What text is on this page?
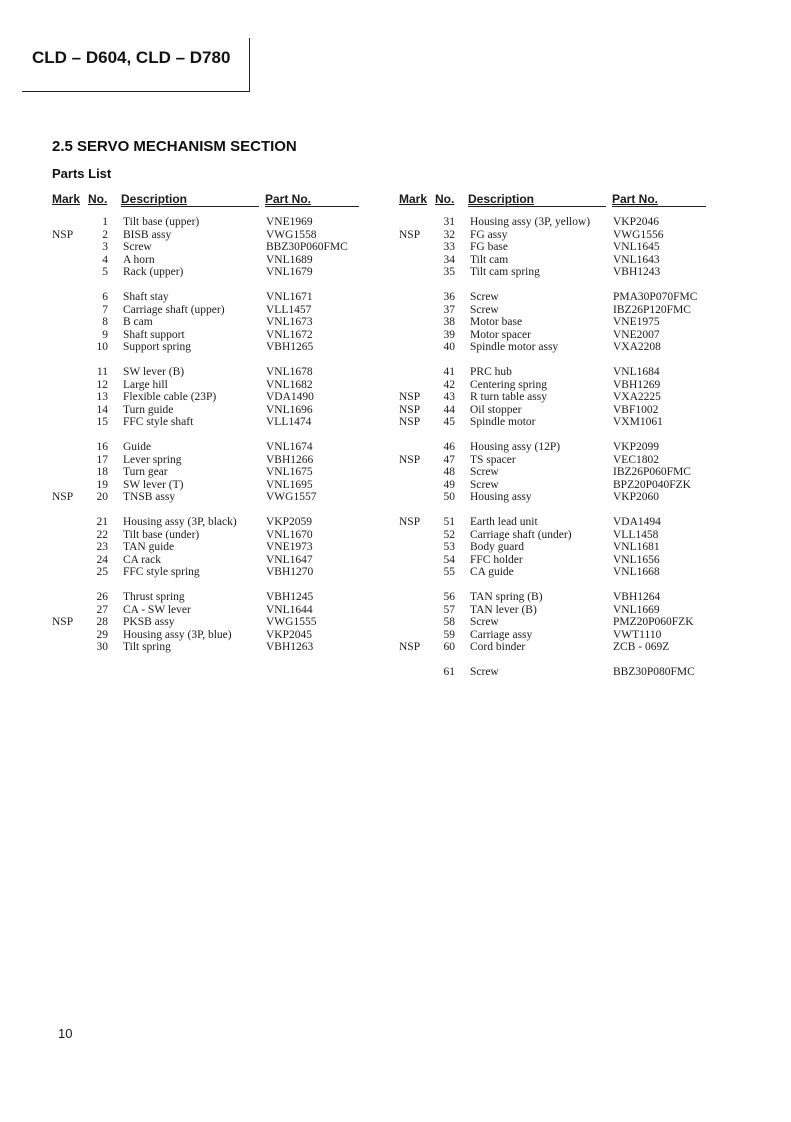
CLD – D604, CLD – D780
2.5 SERVO MECHANISM SECTION
Parts List
Mark No. Description	Part No.
1 Tilt base (upper)	VNE1969
NSP	2 BISB assy	VWG1558
3 Screw	BBZ30P060FMC
4 A horn	VNL1689
5 Rack (upper)	VNL1679
6 Shaft stay	VNL1671
7 Carriage shaft (upper)	VLL1457
8 B cam	VNL1673
9 Shaft support	VNL1672
10 Support spring	VBH1265
11 SW lever (B)	VNL1678
12 Large hill	VNL1682
13 Flexible cable (23P)	VDA1490
14 Turn guide	VNL1696
15 FFC style shaft	VLL1474
16 Guide	VNL1674
17 Lever spring	VBH1266
18 Turn gear	VNL1675
19 SW lever (T)	VNL1695
NSP	20 TNSB assy	VWG1557
21 Housing assy (3P, black)	VKP2059
22 Tilt base (under)	VNL1670
23 TAN guide	VNE1973
24 CA rack	VNL1647
25 FFC style spring	VBH1270
26 Thrust spring	VBH1245
27 CA - SW lever	VNL1644
NSP	28 PKSB assy	VWG1555
29 Housing assy (3P, blue)	VKP2045
30 Tilt spring	VBH1263
Mark No. Description	Part No.
31 Housing assy (3P, yellow) VKP2046
NSP	32 FG assy	VWG1556
33 FG base	VNL1645
34 Tilt cam	VNL1643
35 Tilt cam spring	VBH1243
36 Screw	PMA30P070FMC
37 Screw	IBZ26P120FMC
38 Motor base	VNE1975
39 Motor spacer	VNE2007
40 Spindle motor assy	VXA2208
41 PRC hub	VNL1684
42 Centering spring	VBH1269
NSP	43 R turn table assy	VXA2225
NSP	44 Oil stopper	VBF1002
NSP	45 Spindle motor	VXM1061
46 Housing assy (12P)	VKP2099
NSP	47 TS spacer	VEC1802
48 Screw	IBZ26P060FMC
49 Screw	BPZ20P040FZK
50 Housing assy	VKP2060
NSP	51 Earth lead unit	VDA1494
52 Carriage shaft (under)	VLL1458
53 Body guard	VNL1681
54 FFC holder	VNL1656
55 CA guide	VNL1668
56 TAN spring (B)	VBH1264
57 TAN lever (B)	VNL1669
58 Screw	PMZ20P060FZK
59 Carriage assy	VWT1110
NSP	60 Cord binder	ZCB - 069Z
61 Screw	BBZ30P080FMC
10
